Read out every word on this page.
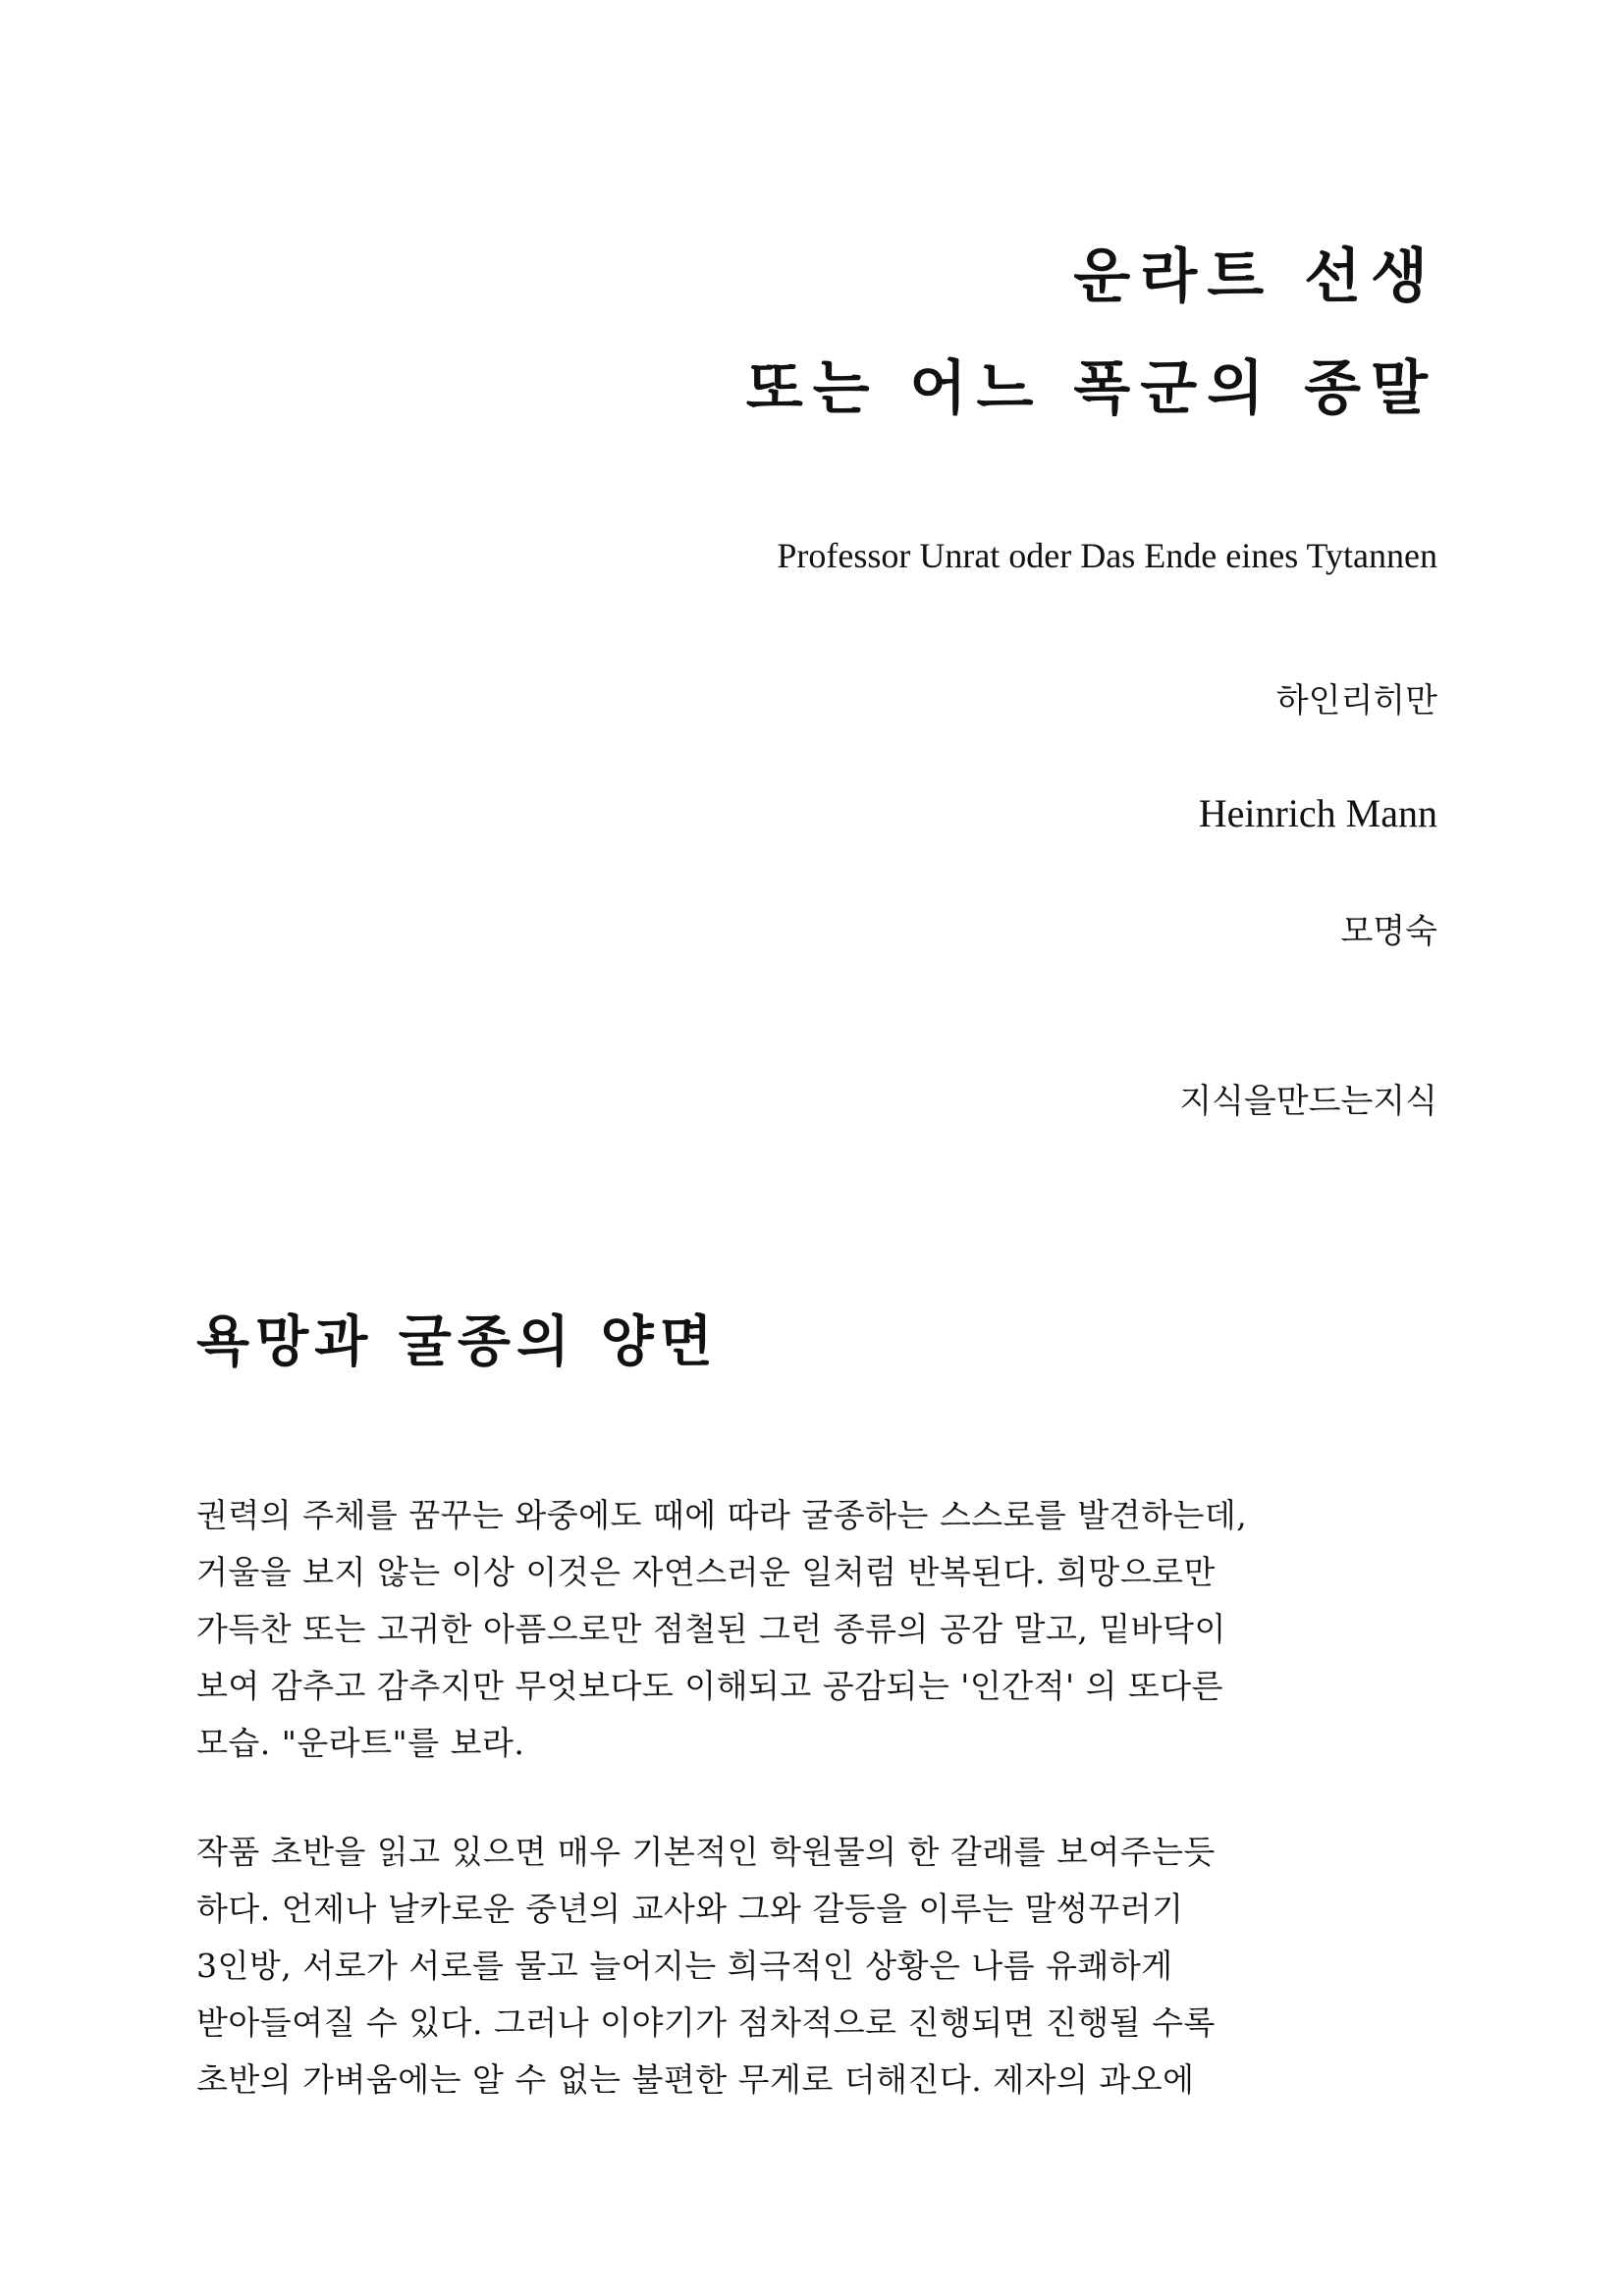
운라트 선생
또는 어느 폭군의 종말
Professor Unrat oder Das Ende eines Tytannen
하인리히만
Heinrich Mann
모명숙
지식을만드는지식
욕망과 굴종의 양면
권력의 주체를 꿈꾸는 와중에도 때에 따라 굴종하는 스스로를 발견하는데,
거울을 보지 않는 이상 이것은 자연스러운 일처럼 반복된다. 희망으로만
가득찬 또는 고귀한 아픔으로만 점철된 그런 종류의 공감 말고, 밑바닥이
보여 감추고 감추지만 무엇보다도 이해되고 공감되는 '인간적' 의 또다른
모습. "운라트"를 보라.
작품 초반을 읽고 있으면 매우 기본적인 학원물의 한 갈래를 보여주는듯
하다. 언제나 날카로운 중년의 교사와 그와 갈등을 이루는 말썽꾸러기
3인방, 서로가 서로를 물고 늘어지는 희극적인 상황은 나름 유쾌하게
받아들여질 수 있다. 그러나 이야기가 점차적으로 진행되면 진행될 수록
초반의 가벼움에는 알 수 없는 불편한 무게로 더해진다. 제자의 과오에
